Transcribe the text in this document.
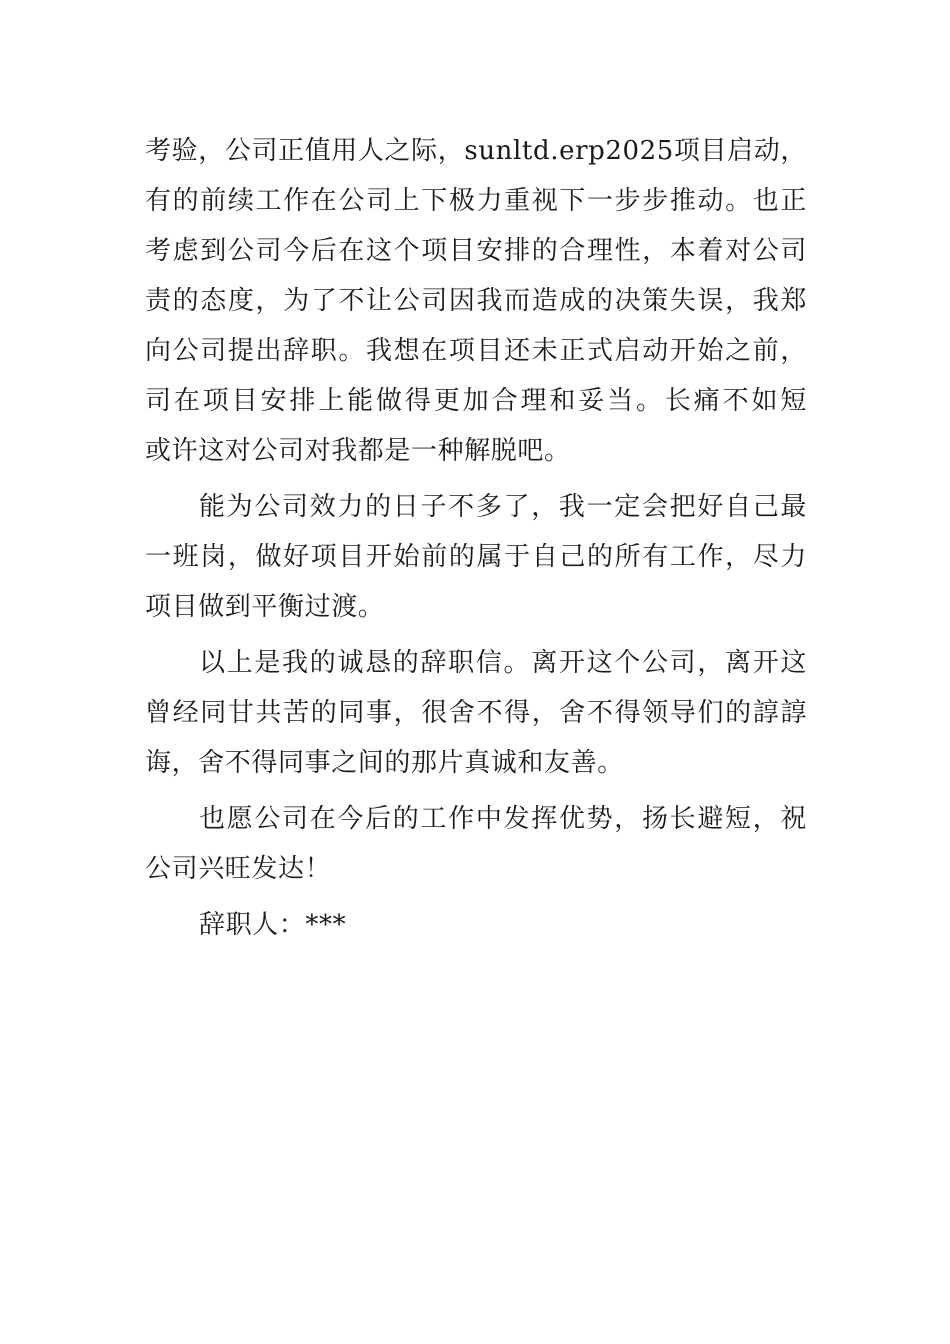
考验，公司正值用人之际，sunltd.erp2025项目启动，
有的前续工作在公司上下极力重视下一步步推动。也正
考虑到公司今后在这个项目安排的合理性，本着对公司
责的态度，为了不让公司因我而造成的决策失误，我郑
向公司提出辞职。我想在项目还未正式启动开始之前，
司在项目安排上能做得更加合理和妥当。长痛不如短
或许这对公司对我都是一种解脱吧。
能为公司效力的日子不多了，我一定会把好自己最
一班岗，做好项目开始前的属于自己的所有工作，尽力
项目做到平衡过渡。
以上是我的诚恳的辞职信。离开这个公司，离开这
曾经同甘共苦的同事，很舍不得，舍不得领导们的諄諄
诲，舍不得同事之间的那片真诚和友善。
也愿公司在今后的工作中发挥优势，扬长避短，祝
公司兴旺发达！
辞职人：***
